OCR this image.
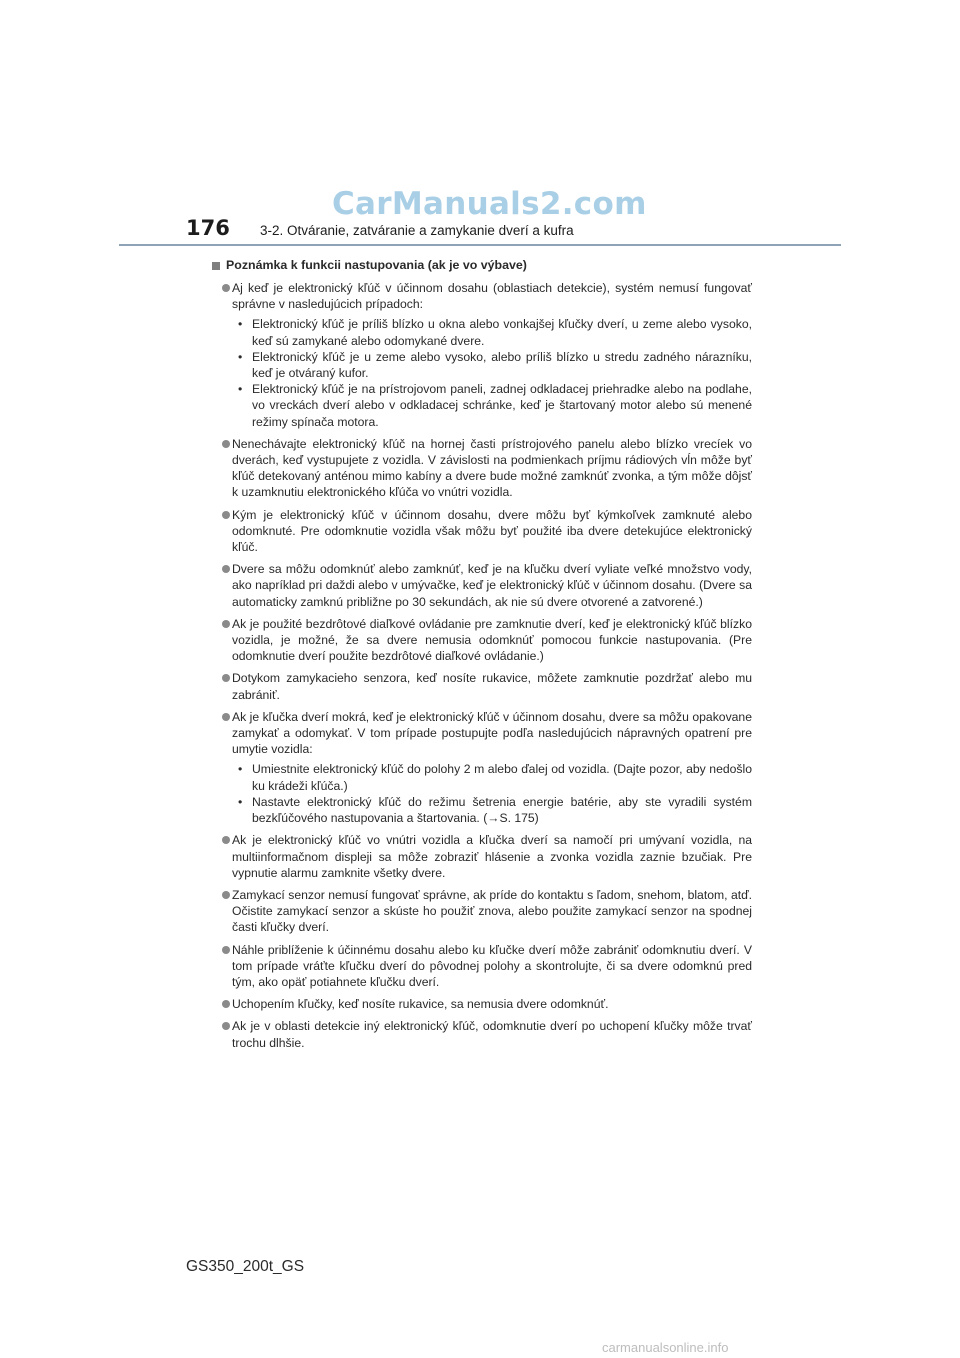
CarManuals2.com
176 3-2. Otváranie, zatváranie a zamykanie dverí a kufra
Poznámka k funkcii nastupovania (ak je vo výbave)
Aj keď je elektronický kľúč v účinnom dosahu (oblastiach detekcie), systém nemusí fungovať správne v nasledujúcich prípadoch:
• Elektronický kľúč je príliš blízko u okna alebo vonkajšej kľučky dverí, u zeme alebo vysoko, keď sú zamykané alebo odomykané dvere.
• Elektronický kľúč je u zeme alebo vysoko, alebo príliš blízko u stredu zadného nárazníku, keď je otváraný kufor.
• Elektronický kľúč je na prístrojovom paneli, zadnej odkladacej priehradke alebo na podlahe, vo vreckách dverí alebo v odkladacej schránke, keď je štartovaný motor alebo sú menené režimy spínača motora.
Nenechávajte elektronický kľúč na hornej časti prístrojového panelu alebo blízko vrecíek vo dverách, keď vystupujete z vozidla. V závislosti na podmienkach príjmu rádiových vĺn môže byť kľúč detekovaný anténou mimo kabíny a dvere bude možné zamknúť zvonka, a tým môže dôjsť k uzamknutiu elektronického kľúča vo vnútri vozidla.
Kým je elektronický kľúč v účinnom dosahu, dvere môžu byť kýmkoľvek zamknuté alebo odomknuté. Pre odomknutie vozidla však môžu byť použité iba dvere detekujúce elektronický kľúč.
Dvere sa môžu odomknúť alebo zamknúť, keď je na kľučku dverí vyliate veľké množstvo vody, ako napríklad pri daždi alebo v umývačke, keď je elektronický kľúč v účinnom dosahu. (Dvere sa automaticky zamknú približne po 30 sekundách, ak nie sú dvere otvorené a zatvorené.)
Ak je použité bezdrôtové diaľkové ovládanie pre zamknutie dverí, keď je elektronický kľúč blízko vozidla, je možné, že sa dvere nemusia odomknúť pomocou funkcie nastupovania. (Pre odomknutie dverí použite bezdrôtové diaľkové ovládanie.)
Dotykom zamykacieho senzora, keď nosíte rukavice, môžete zamknutie pozdržať alebo mu zabrániť.
Ak je kľučka dverí mokrá, keď je elektronický kľúč v účinnom dosahu, dvere sa môžu opakovane zamykať a odomykať. V tom prípade postupujte podľa nasledujúcich nápravných opatrení pre umytie vozidla:
• Umiestnite elektronický kľúč do polohy 2 m alebo ďalej od vozidla. (Dajte pozor, aby nedošlo ku krádeži kľúča.)
• Nastavte elektronický kľúč do režimu šetrenia energie batérie, aby ste vyradili systém bezkľúčového nastupovania a štartovania. (→S. 175)
Ak je elektronický kľúč vo vnútri vozidla a kľučka dverí sa namočí pri umývaní vozidla, na multiinformačnom displeji sa môže zobraziť hlásenie a zvonka vozidla zaznie bzučiak. Pre vypnutie alarmu zamknite všetky dvere.
Zamykací senzor nemusí fungovať správne, ak príde do kontaktu s ľadom, snehom, blatom, atď. Očistite zamykací senzor a skúste ho použiť znova, alebo použite zamykací senzor na spodnej časti kľučky dverí.
Náhle priblíženie k účinnému dosahu alebo ku kľučke dverí môže zabrániť odomknutiu dverí. V tom prípade vráťte kľučku dverí do pôvodnej polohy a skontrolujte, či sa dvere odomknú pred tým, ako opäť potiahnete kľučku dverí.
Uchopením kľučky, keď nosíte rukavice, sa nemusia dvere odomknúť.
Ak je v oblasti detekcie iný elektronický kľúč, odomknutie dverí po uchopení kľučky môže trvať trochu dlhšie.
GS350_200t_GS
carmanualsonline.info
